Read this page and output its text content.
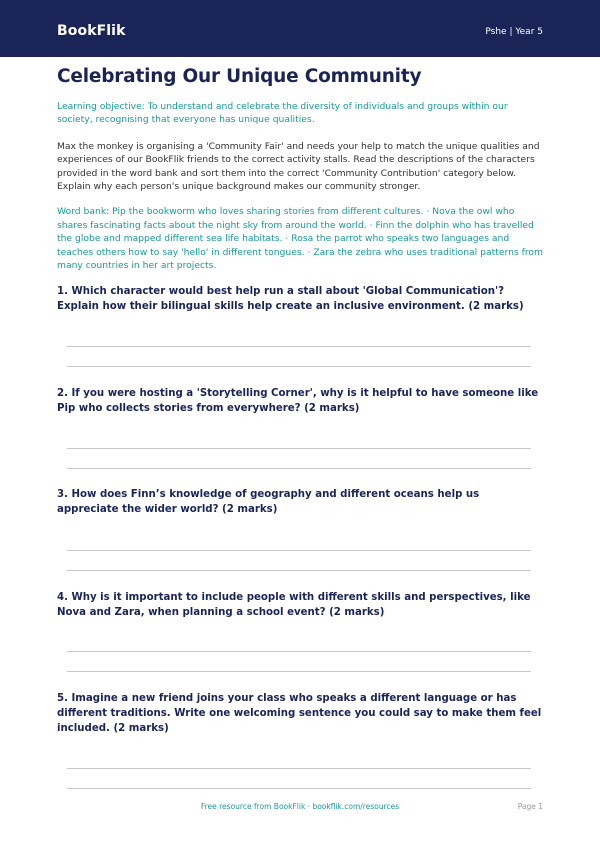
BookFlik	Pshe | Year 5
Celebrating Our Unique Community

Learning objective: To understand and celebrate the diversity of individuals and groups within our society, recognising that everyone has unique qualities.

Max the monkey is organising a 'Community Fair' and needs your help to match the unique qualities and experiences of our BookFlik friends to the correct activity stalls. Read the descriptions of the characters provided in the word bank and sort them into the correct 'Community Contribution' category below. Explain why each person's unique background makes our community stronger.

Word bank: Pip the bookworm who loves sharing stories from different cultures. · Nova the owl who shares fascinating facts about the night sky from around the world. · Finn the dolphin who has travelled the globe and mapped different sea life habitats. · Rosa the parrot who speaks two languages and teaches others how to say 'hello' in different tongues. · Zara the zebra who uses traditional patterns from many countries in her art projects.

1. Which character would best help run a stall about 'Global Communication'? Explain how their bilingual skills help create an inclusive environment. (2 marks)

2. If you were hosting a 'Storytelling Corner', why is it helpful to have someone like Pip who collects stories from everywhere? (2 marks)

3. How does Finn’s knowledge of geography and different oceans help us appreciate the wider world? (2 marks)

4. Why is it important to include people with different skills and perspectives, like Nova and Zara, when planning a school event? (2 marks)

5. Imagine a new friend joins your class who speaks a different language or has different traditions. Write one welcoming sentence you could say to make them feel included. (2 marks)

Free resource from BookFlik · bookflik.com/resources	Page 1
